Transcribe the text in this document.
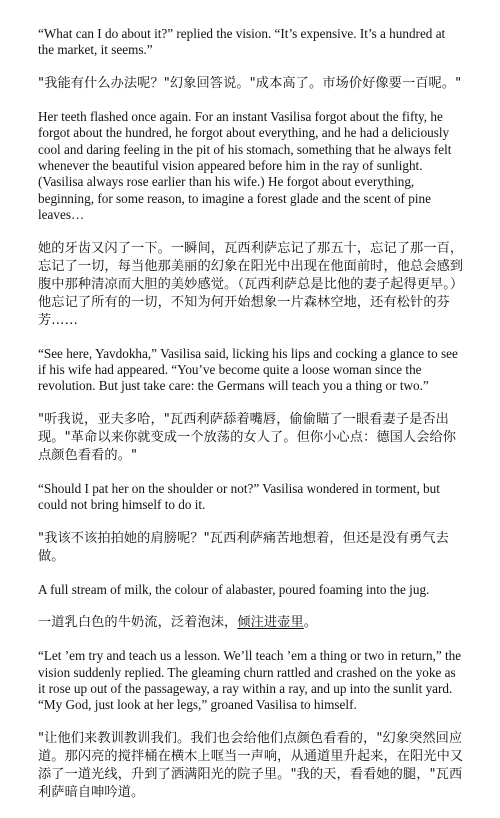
“What can I do about it?” replied the vision. “It’s expensive. It’s a hundred at the market, it seems.”

"我能有什么办法呢？"幻象回答说。"成本高了。市场价好像要一百呢。"

Her teeth flashed once again. For an instant Vasilisa forgot about the fifty, he forgot about the hundred, he forgot about everything, and he had a deliciously cool and daring feeling in the pit of his stomach, something that he always felt whenever the beautiful vision appeared before him in the ray of sunlight. (Vasilisa always rose earlier than his wife.) He forgot about everything, beginning, for some reason, to imagine a forest glade and the scent of pine leaves…

她的牙齿又闪了一下。一瞬间，瓦西利萨忘记了那五十，忘记了那一百，忘记了一切，每当他那美丽的幻象在阳光中出现在他面前时，他总会感到腹中那种清凉而大胆的美妙感觉。（瓦西利萨总是比他的妻子起得更早。）他忘记了所有的一切，不知为何开始想象一片森林空地，还有松针的芬芳……

“See here, Yavdokha,” Vasilisa said, licking his lips and cocking a glance to see if his wife had appeared. “You’ve become quite a loose woman since the revolution. But just take care: the Germans will teach you a thing or two.”

"听我说，亚夫多哈，"瓦西利萨舔着嘴唇，偷偷瞄了一眼看妻子是否出现。"革命以来你就变成一个放荡的女人了。但你小心点：德国人会给你点颜色看看的。"

“Should I pat her on the shoulder or not?” Vasilisa wondered in torment, but could not bring himself to do it.

"我该不该拍拍她的肩膀呢？"瓦西利萨痛苦地想着，但还是没有勇气去做。

A full stream of milk, the colour of alabaster, poured foaming into the jug.

一道乳白色的牛奶流，泛着泡沫，倾注进壶里。

“Let ’em try and teach us a lesson. We’ll teach ’em a thing or two in return,” the vision suddenly replied. The gleaming churn rattled and crashed on the yoke as it rose up out of the passageway, a ray within a ray, and up into the sunlit yard. “My God, just look at her legs,” groaned Vasilisa to himself.

"让他们来教训教训我们。我们也会给他们点颜色看看的，"幻象突然回应道。那闪亮的搅拌桶在横木上哐当一声响，从通道里升起来，在阳光中又添了一道光线，升到了洒满阳光的院子里。"我的天，看看她的腿，"瓦西利萨暗自呻吟道。
